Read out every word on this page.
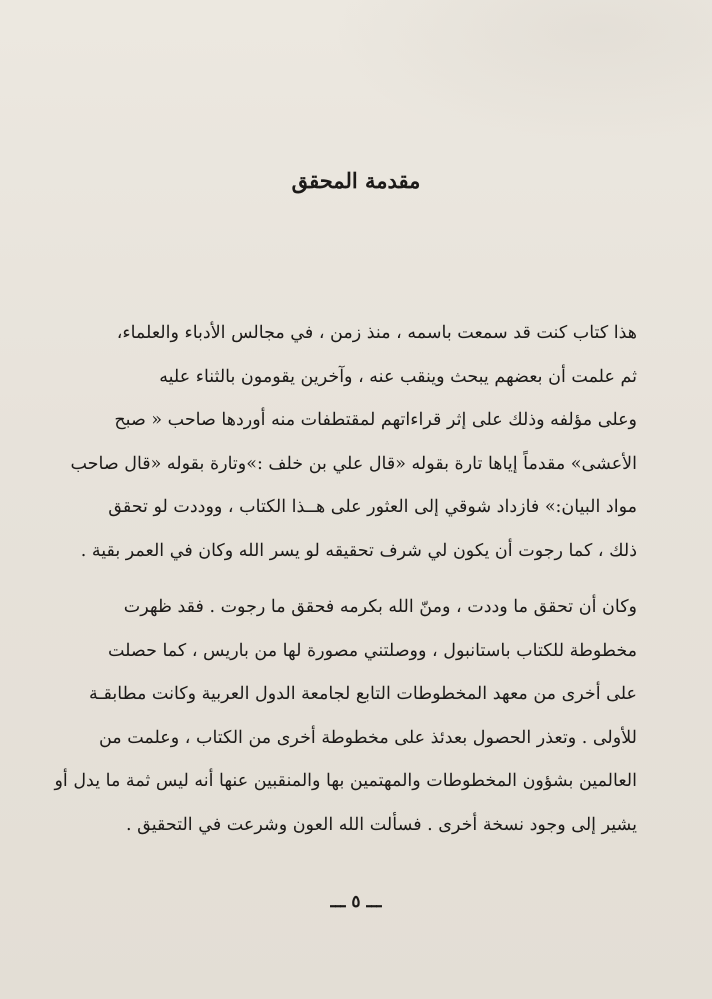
مقدمة المحقق
هذا كتاب كنت قد سمعت باسمه ، منذ زمن ، في مجالس الأدباء والعلماء،
ثم علمت أن بعضهم يبحث وينقب عنه ، وآخرين يقومون بالثناء عليه
وعلى مؤلفه وذلك على إثر قراءاتهم لمقتطفات منه أوردها صاحب « صبح
الأعشى» مقدماً إياها تارة بقوله «قال علي بن خلف :»وتارة بقوله «قال صاحب
مواد البيان:» فازداد شوقي إلى العثور على هــذا الكتاب ، ووددت لو تحقق
ذلك ، كما رجوت أن يكون لي شرف تحقيقه لو يسر الله وكان في العمر بقية .
وكان أن تحقق ما وددت ، ومنّ الله بكرمه فحقق ما رجوت . فقد ظهرت
مخطوطة للكتاب باستانبول ، ووصلتني مصورة لها من باريس ، كما حصلت
على أخرى من معهد المخطوطات التابع لجامعة الدول العربية وكانت مطابقـة
للأولى . وتعذر الحصول بعدئذ على مخطوطة أخرى من الكتاب ، وعلمت من
العالمين بشؤون المخطوطات والمهتمين بها والمنقبين عنها أنه ليس ثمة ما يدل أو
يشير إلى وجود نسخة أخرى . فسألت الله العون وشرعت في التحقيق .
ـــ ٥ ـــ
